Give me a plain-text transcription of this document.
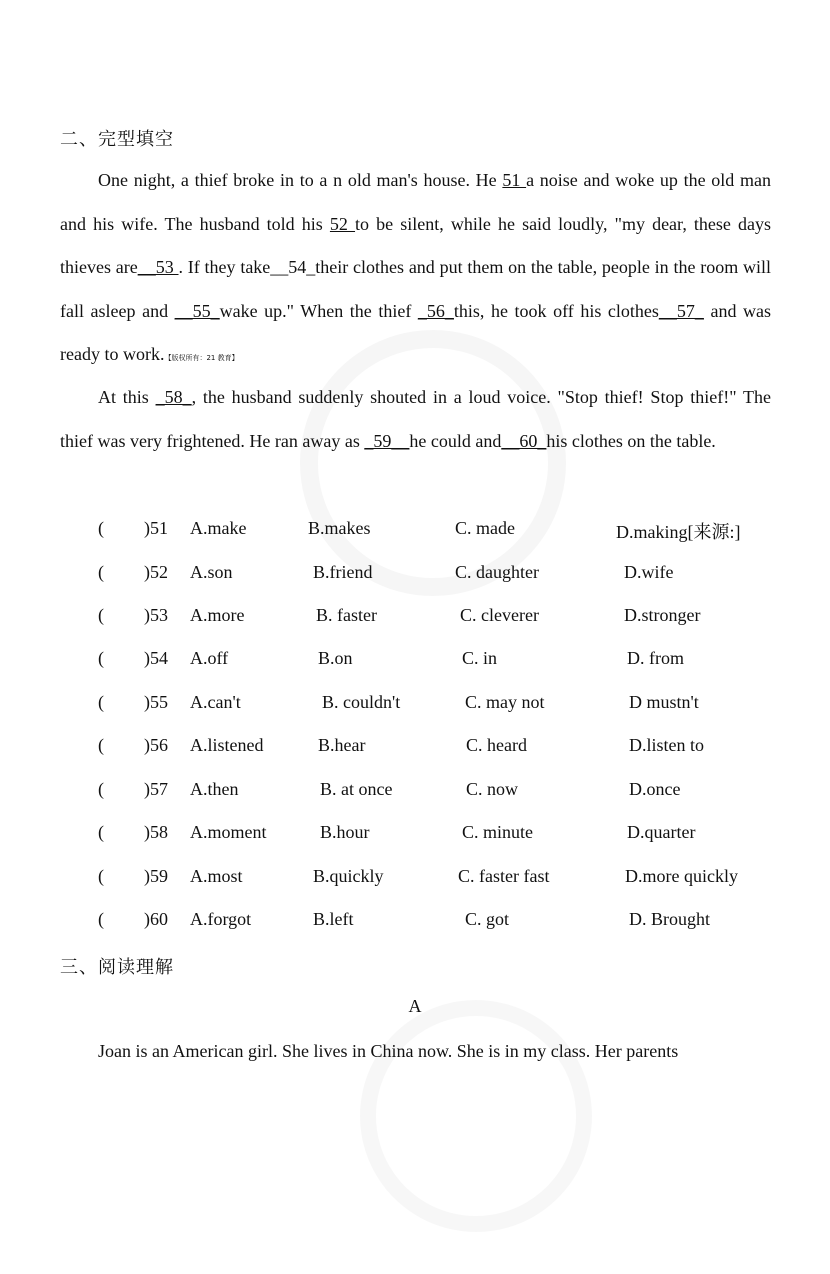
二、完型填空
One night, a thief broke in to a n old man's house. He 51 a noise and woke up the old man and his wife. The husband told his 52 to be silent, while he said loudly, "my dear, these days thieves are__53 . If they take__54_their clothes and put them on the table, people in the room will fall asleep and __55_wake up." When the thief _56_this, he took off his clothes__57_ and was ready to work.【版权所有：21 教育】
At this _58_, the husband suddenly shouted in a loud voice. "Stop thief! Stop thief!" The thief was very frightened. He ran away as _59__he could and__60_his clothes on the table.
( )51 A.make	B.makes	C. made	D.making[来源:]
( )52 A.son	B.friend	C. daughter	D.wife
( )53 A.more	B. faster	C. cleverer	D.stronger
( )54 A.off	B.on	C. in	D. from
( )55 A.can't	B. couldn't	C. may not	D mustn't
( )56 A.listened	B.hear	C. heard	D.listen to
( )57 A.then	B. at once	C. now	D.once
( )58 A.moment	B.hour	C. minute	D.quarter
( )59 A.most	B.quickly	C. faster fast	D.more quickly
( )60 A.forgot	B.left	C. got	D. Brought
三、阅读理解
A
Joan is an American girl. She lives in China now. She is in my class. Her parents
